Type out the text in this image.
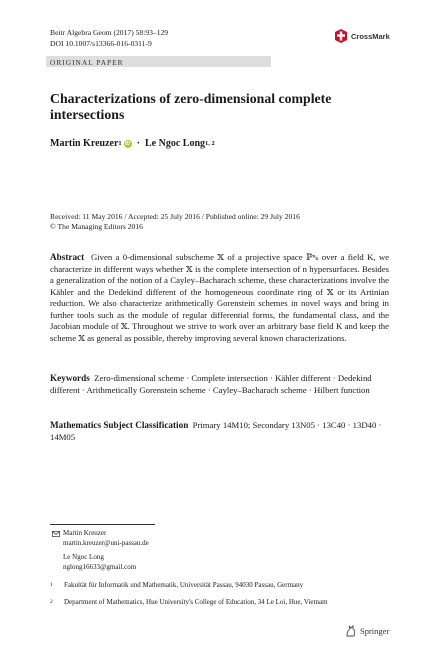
Beitr Algebra Geom (2017) 58:93–129
DOI 10.1007/s13366-016-0311-9
CrossMark
ORIGINAL PAPER
Characterizations of zero-dimensional complete intersections
Martin Kreuzer 1 iD · Le Ngoc Long 1, 2
Received: 11 May 2016 / Accepted: 25 July 2016 / Published online: 29 July 2016
© The Managing Editors 2016
Abstract Given a 0-dimensional subscheme 𝕏 of a projective space ℙⁿₖ over a field K, we characterize in different ways whether 𝕏 is the complete intersection of n hypersurfaces. Besides a generalization of the notion of a Cayley–Bacharach scheme, these characterizations involve the Kähler and the Dedekind different of the homogeneous coordinate ring of 𝕏 or its Artinian reduction. We also characterize arithmetically Gorenstein schemes in novel ways and bring in further tools such as the module of regular differential forms, the fundamental class, and the Jacobian module of 𝕏. Throughout we strive to work over an arbitrary base field K and keep the scheme 𝕏 as general as possible, thereby improving several known characterizations.
Keywords Zero-dimensional scheme · Complete intersection · Kähler different · Dedekind different · Arithmetically Gorenstein scheme · Cayley–Bacharach scheme · Hilbert function
Mathematics Subject Classification Primary 14M10; Secondary 13N05 · 13C40 · 13D40 · 14M05
Martin Kreuzer
martin.kreuzer@uni-passau.de
Le Ngoc Long
nglong16633@gmail.com
1	Fakultät für Informatik und Mathematik, Universität Passau, 94030 Passau, Germany
2	Department of Mathematics, Hue University's College of Education, 34 Le Loi, Hue, Vietnam
Springer
